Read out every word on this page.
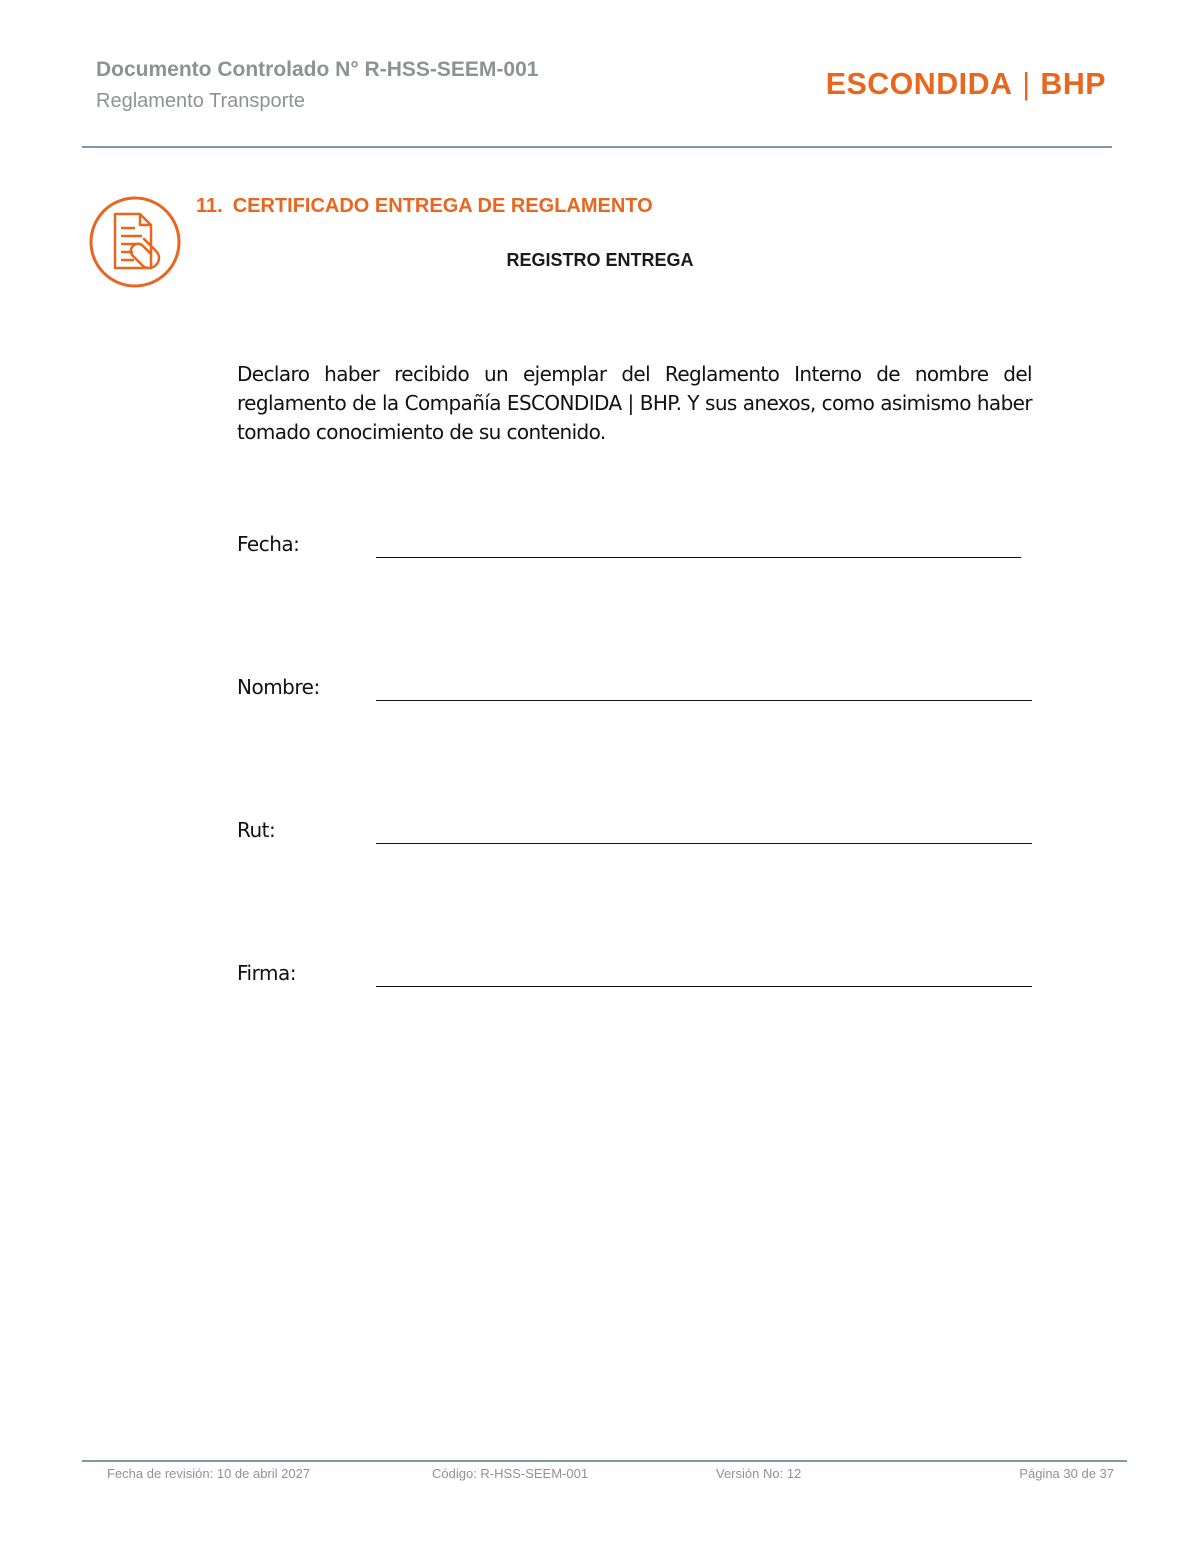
Documento Controlado N° R-HSS-SEEM-001
Reglamento Transporte	ESCONDIDA | BHP
11. CERTIFICADO ENTREGA DE REGLAMENTO
REGISTRO ENTREGA
Declaro haber recibido un ejemplar del Reglamento Interno de nombre del reglamento de la Compañía ESCONDIDA | BHP. Y sus anexos, como asimismo haber tomado conocimiento de su contenido.
Fecha:
Nombre:
Rut:
Firma:
Fecha de revisión: 10 de abril 2027	Código: R-HSS-SEEM-001	Versión No: 12	Página 30 de 37
